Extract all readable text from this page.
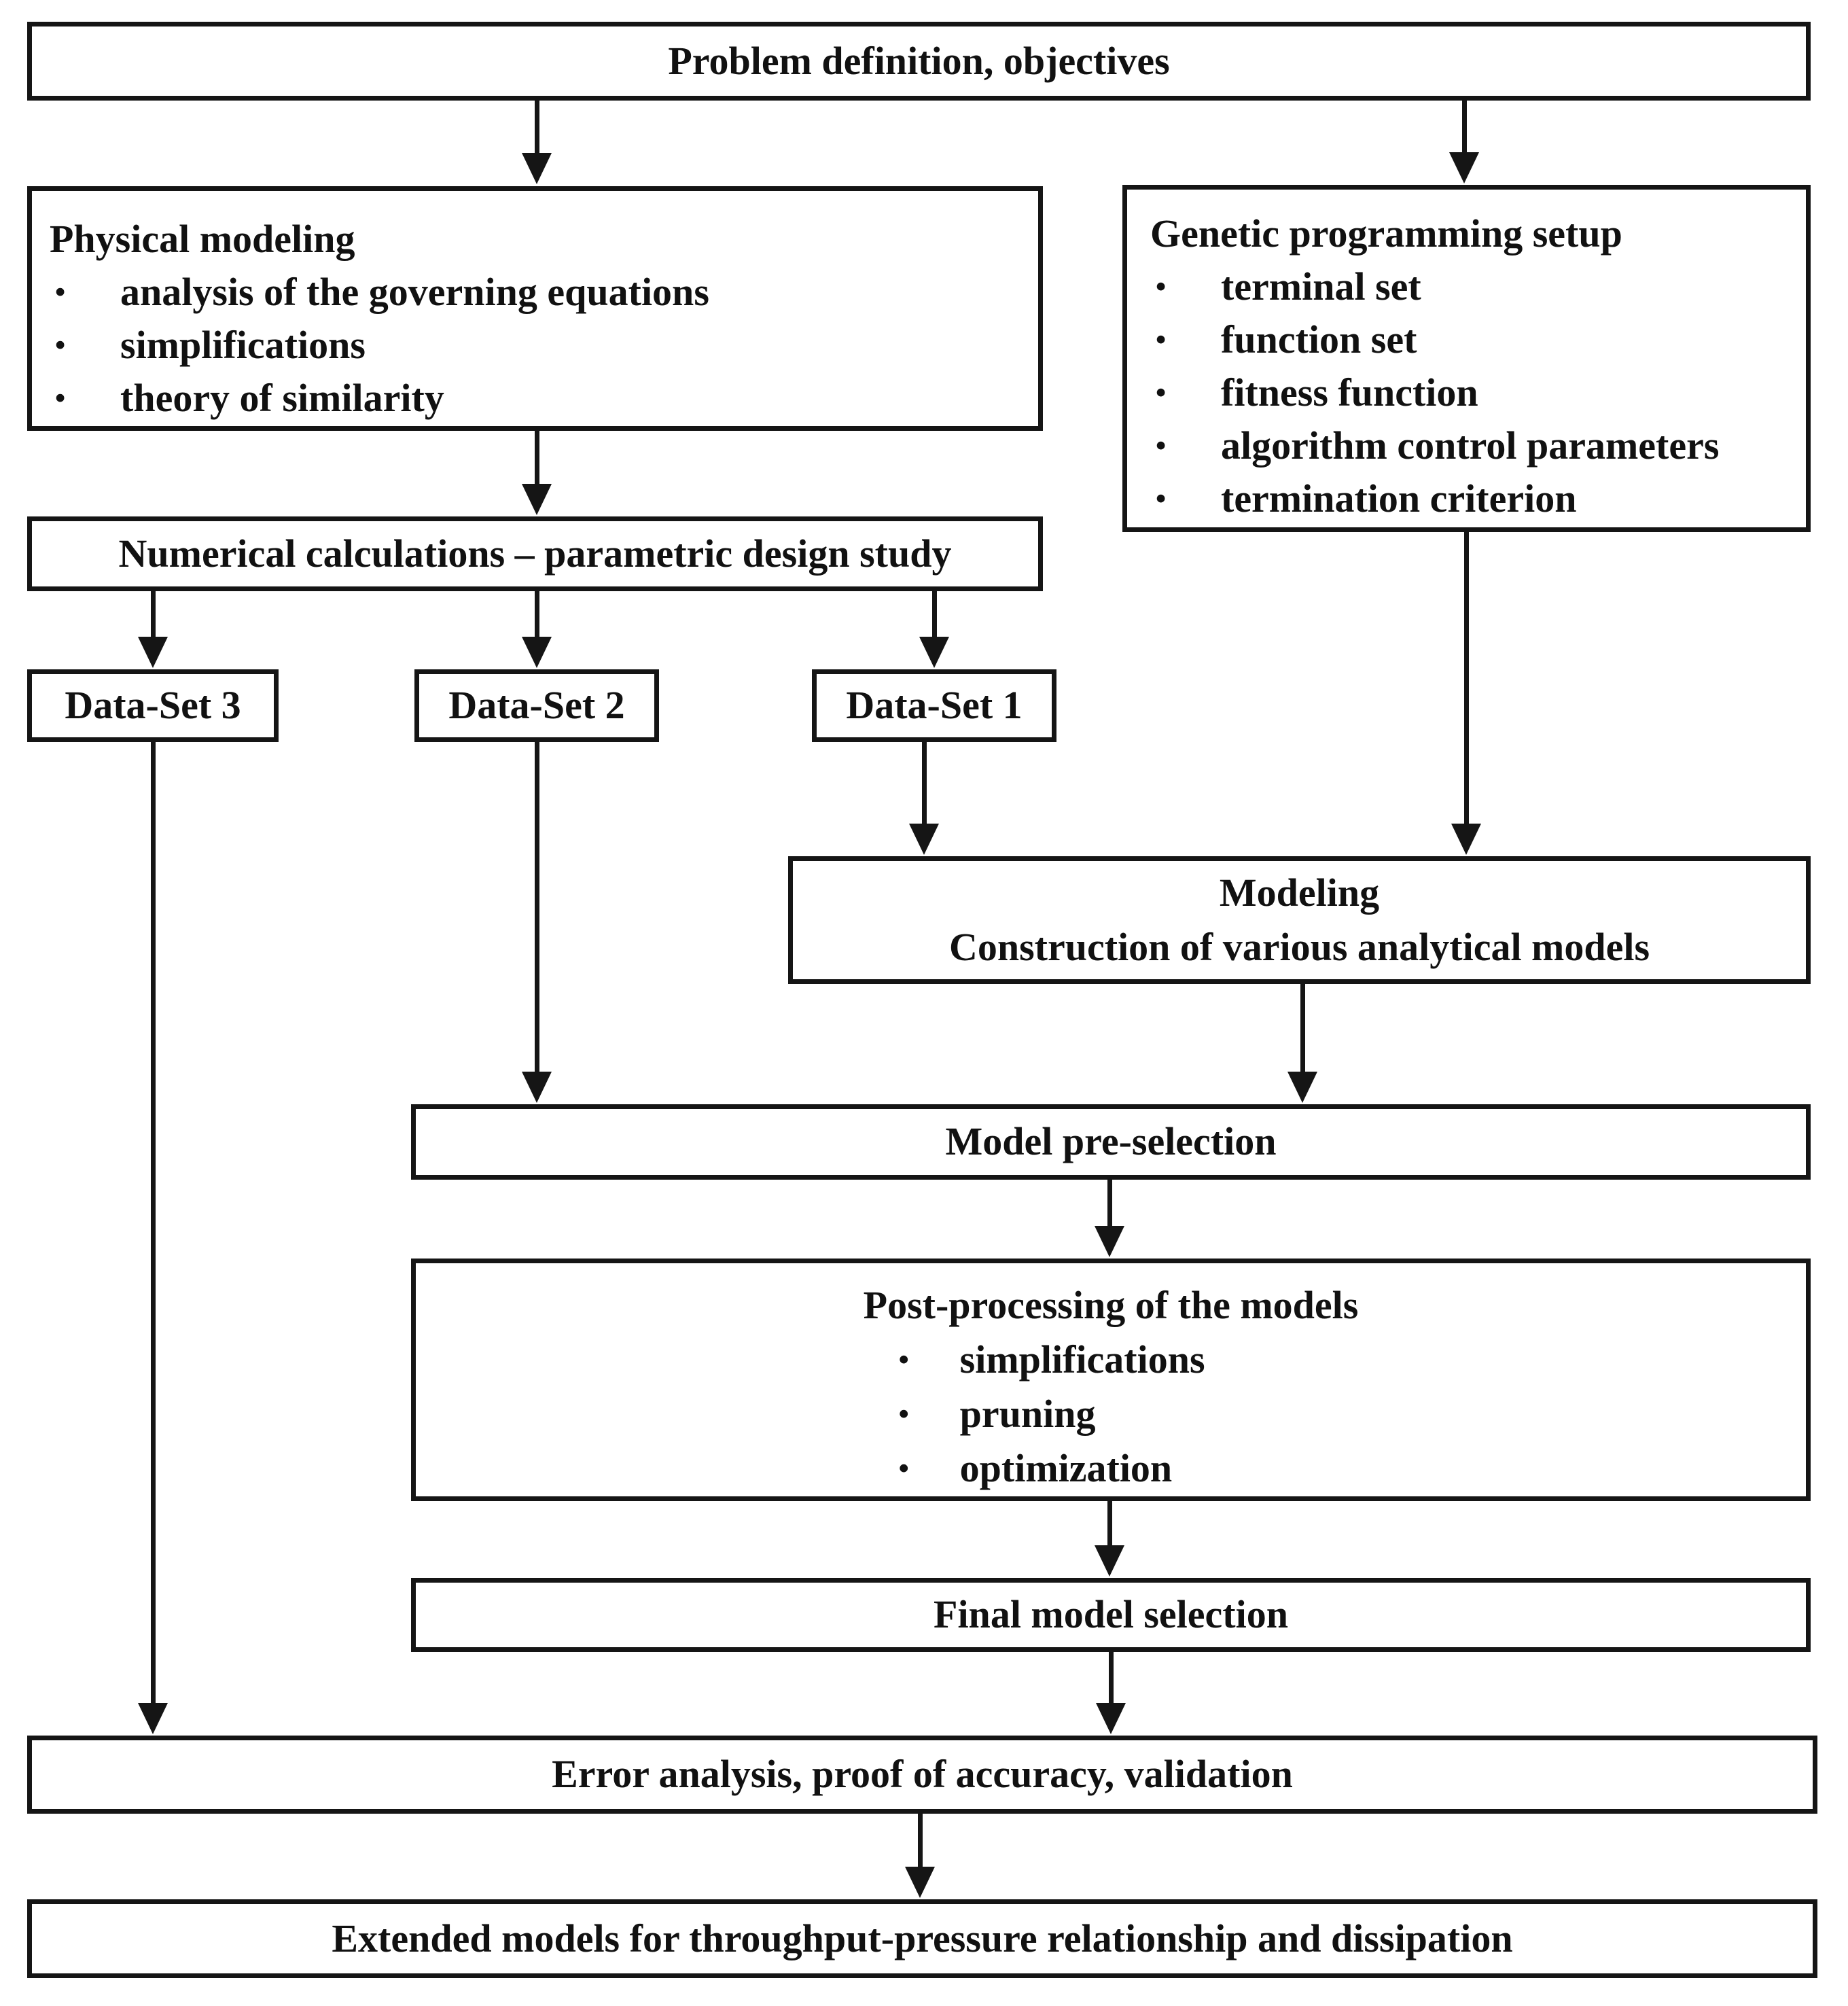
Problem definition, objectives
Physical modeling
• analysis of the governing equations
• simplifications
• theory of similarity
Genetic programming setup
• terminal set
• function set
• fitness function
• algorithm control parameters
• termination criterion
Numerical calculations – parametric design study
Data-Set 3	Data-Set 2	Data-Set 1
Modeling
Construction of various analytical models
Model pre-selection
Post-processing of the models
• simplifications
• pruning
• optimization
Final model selection
Error analysis, proof of accuracy, validation
Extended models for throughput-pressure relationship and dissipation
